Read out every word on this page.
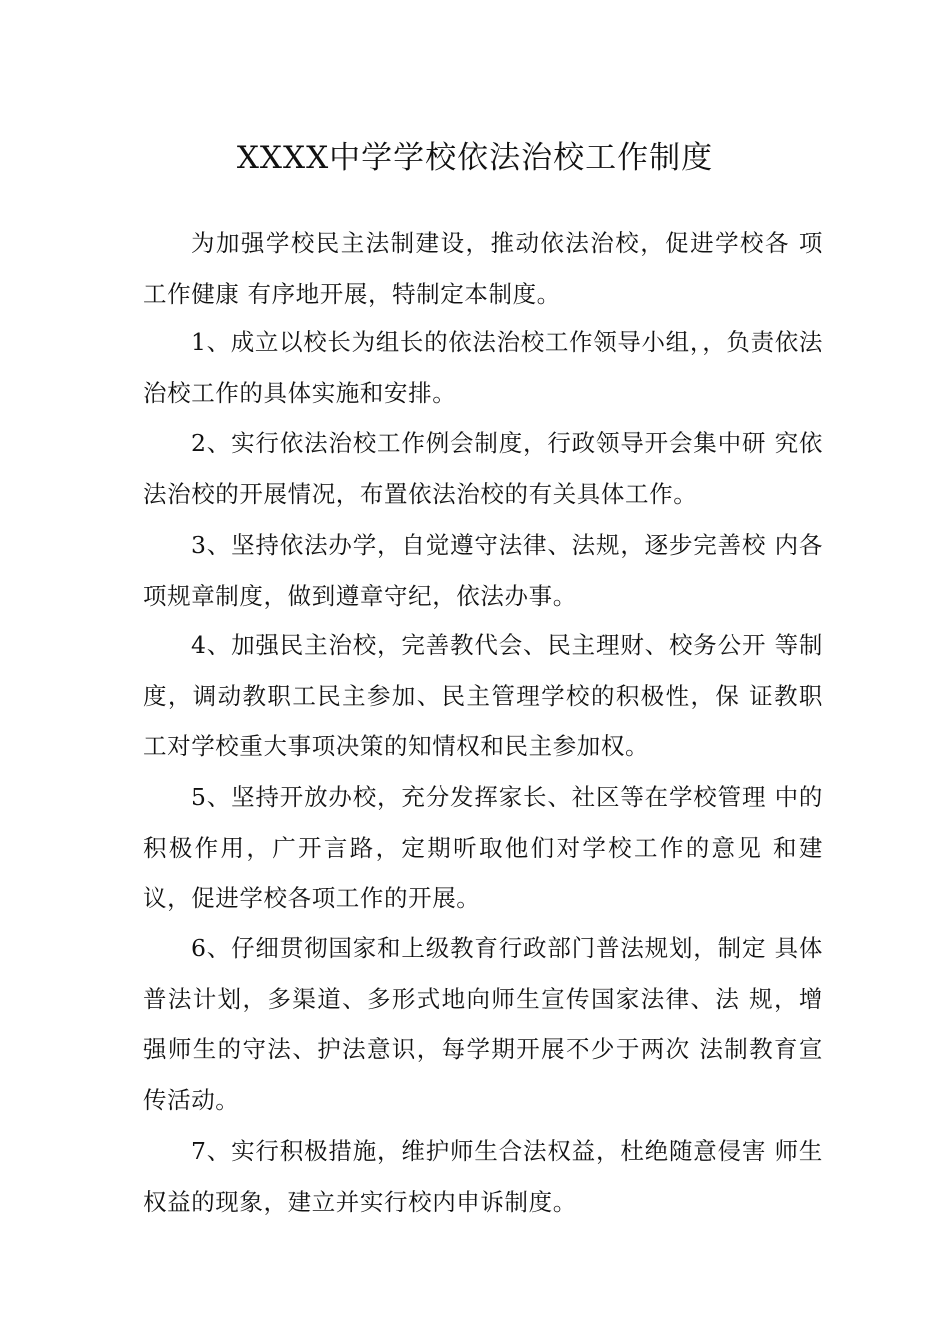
XXXX中学学校依法治校工作制度

为加强学校民主法制建设，推动依法治校，促进学校各 项工作健康 有序地开展，特制定本制度。

1、成立以校长为组长的依法治校工作领导小组，，负责依法治校工作的具体实施和安排。

2、实行依法治校工作例会制度，行政领导开会集中研 究依法治校的开展情况，布置依法治校的有关具体工作。

3、坚持依法办学，自觉遵守法律、法规，逐步完善校 内各项规章制度，做到遵章守纪，依法办事。

4、加强民主治校，完善教代会、民主理财、校务公开 等制度，调动教职工民主参加、民主管理学校的积极性，保 证教职工对学校重大事项决策的知情权和民主参加权。

5、坚持开放办校，充分发挥家长、社区等在学校管理 中的积极作用，广开言路，定期听取他们对学校工作的意见 和建议，促进学校各项工作的开展。

6、仔细贯彻国家和上级教育行政部门普法规划，制定 具体普法计划，多渠道、多形式地向师生宣传国家法律、法 规，增强师生的守法、护法意识，每学期开展不少于两次 法制教育宣传活动。

7、实行积极措施，维护师生合法权益，杜绝随意侵害 师生权益的现象，建立并实行校内申诉制度。
